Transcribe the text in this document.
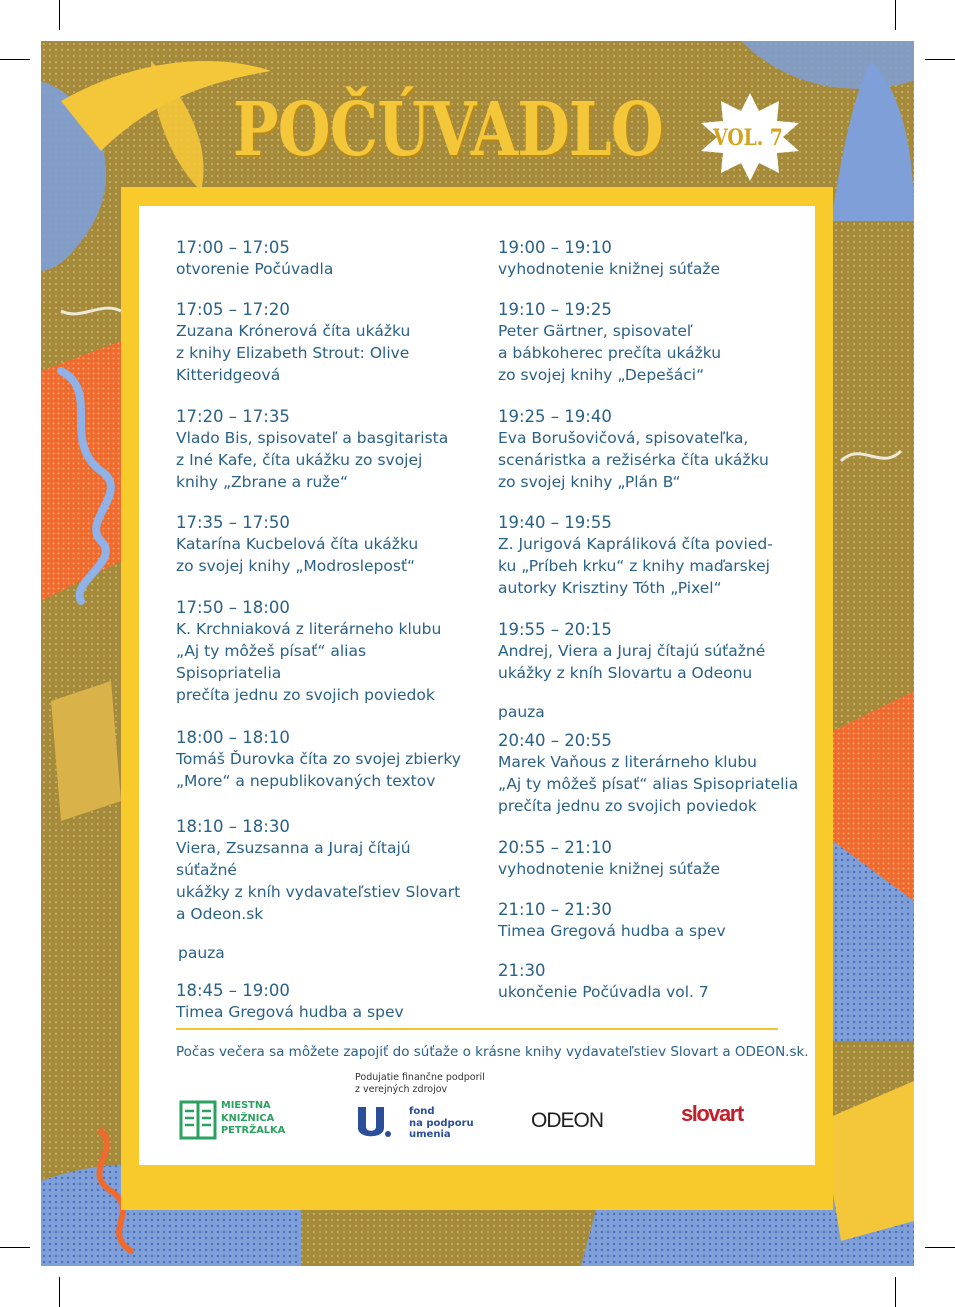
POČÚVADLO VOL. 7
17:00 – 17:05
otvorenie Počúvadla
17:05 – 17:20
Zuzana Krónerová číta ukážku
z knihy Elizabeth Strout: Olive
Kitteridgeová
17:20 – 17:35
Vlado Bis, spisovateľ a basgitarista
z Iné Kafe, číta ukážku zo svojej
knihy „Zbrane a ruže“
17:35 – 17:50
Katarína Kucbelová číta ukážku
zo svojej knihy „Modrosleposť“
17:50 – 18:00
K. Krchniaková z literárneho klubu
„Aj ty môžeš písať“ alias Spisopriatelia
prečíta jednu zo svojich poviedok
18:00 – 18:10
Tomáš Ďurovka číta zo svojej zbierky
„More“ a nepublikovaných textov
18:10 – 18:30
Viera, Zsuzsanna a Juraj čítajú súťažné
ukážky z kníh vydavateľstiev Slovart
a Odeon.sk
pauza
18:45 – 19:00
Timea Gregová hudba a spev
19:00 – 19:10
vyhodnotenie knižnej súťaže
19:10 – 19:25
Peter Gärtner, spisovateľ
a bábkoherec prečíta ukážku
zo svojej knihy „Depešáci“
19:25 – 19:40
Eva Borušovičová, spisovateľka,
scenáristka a režisérka číta ukážku
zo svojej knihy „Plán B“
19:40 – 19:55
Z. Jurigová Kapráliková číta povied-
ku „Príbeh krku“ z knihy maďarskej
autorky Krisztiny Tóth „Pixel“
19:55 – 20:15
Andrej, Viera a Juraj čítajú súťažné
ukážky z kníh Slovartu a Odeonu
pauza
20:40 – 20:55
Marek Vaňous z literárneho klubu
„Aj ty môžeš písať“ alias Spisopriatelia
prečíta jednu zo svojich poviedok
20:55 – 21:10
vyhodnotenie knižnej súťaže
21:10 – 21:30
Timea Gregová hudba a spev
21:30
ukončenie Počúvadla vol. 7
Počas večera sa môžete zapojiť do súťaže o krásne knihy vydavateľstiev Slovart a ODEON.sk.
Podujatie finančne podporil
z verejných zdrojov
MIESTNA
KNIŽNICA
PETRŽALKA
fond
na podporu
umenia
ODEON	slovart
